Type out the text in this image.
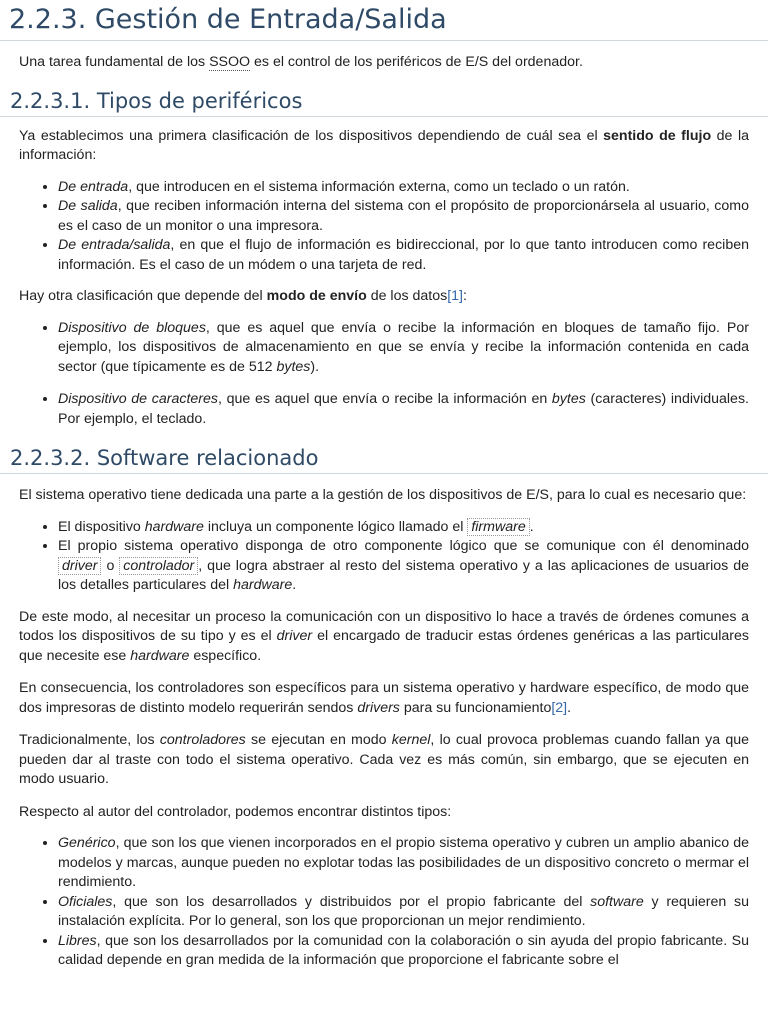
2.2.3. Gestión de Entrada/Salida

Una tarea fundamental de los SSOO es el control de los periféricos de E/S del ordenador.

2.2.3.1. Tipos de periféricos

Ya establecimos una primera clasificación de los dispositivos dependiendo de cuál sea el sentido de flujo de la información:

• De entrada, que introducen en el sistema información externa, como un teclado o un ratón.
• De salida, que reciben información interna del sistema con el propósito de proporcionársela al usuario, como es el caso de un monitor o una impresora.
• De entrada/salida, en que el flujo de información es bidireccional, por lo que tanto introducen como reciben información. Es el caso de un módem o una tarjeta de red.

Hay otra clasificación que depende del modo de envío de los datos[1]:

• Dispositivo de bloques, que es aquel que envía o recibe la información en bloques de tamaño fijo. Por ejemplo, los dispositivos de almacenamiento en que se envía y recibe la información contenida en cada sector (que típicamente es de 512 bytes).
• Dispositivo de caracteres, que es aquel que envía o recibe la información en bytes (caracteres) individuales. Por ejemplo, el teclado.
2.2.3.2. Software relacionado

El sistema operativo tiene dedicada una parte a la gestión de los dispositivos de E/S, para lo cual es necesario que:

• El dispositivo hardware incluya un componente lógico llamado el firmware .
• El propio sistema operativo disponga de otro componente lógico que se comunique con él denominado driver o controlador , que logra abstraer al resto del sistema operativo y a las aplicaciones de usuarios de los detalles particulares del hardware.

De este modo, al necesitar un proceso la comunicación con un dispositivo lo hace a través de órdenes comunes a todos los dispositivos de su tipo y es el driver el encargado de traducir estas órdenes genéricas a las particulares que necesite ese hardware específico.

En consecuencia, los controladores son específicos para un sistema operativo y hardware específico, de modo que dos impresoras de distinto modelo requerirán sendos drivers para su funcionamiento[2].

Tradicionalmente, los controladores se ejecutan en modo kernel, lo cual provoca problemas cuando fallan ya que pueden dar al traste con todo el sistema operativo. Cada vez es más común, sin embargo, que se ejecuten en modo usuario.

Respecto al autor del controlador, podemos encontrar distintos tipos:

• Genérico, que son los que vienen incorporados en el propio sistema operativo y cubren un amplio abanico de modelos y marcas, aunque pueden no explotar todas las posibilidades de un dispositivo concreto o mermar el rendimiento.
• Oficiales, que son los desarrollados y distribuidos por el propio fabricante del software y requieren su instalación explícita. Por lo general, son los que proporcionan un mejor rendimiento.
• Libres, que son los desarrollados por la comunidad con la colaboración o sin ayuda del propio fabricante. Su calidad depende en gran medida de la información que proporcione el fabricante sobre el
